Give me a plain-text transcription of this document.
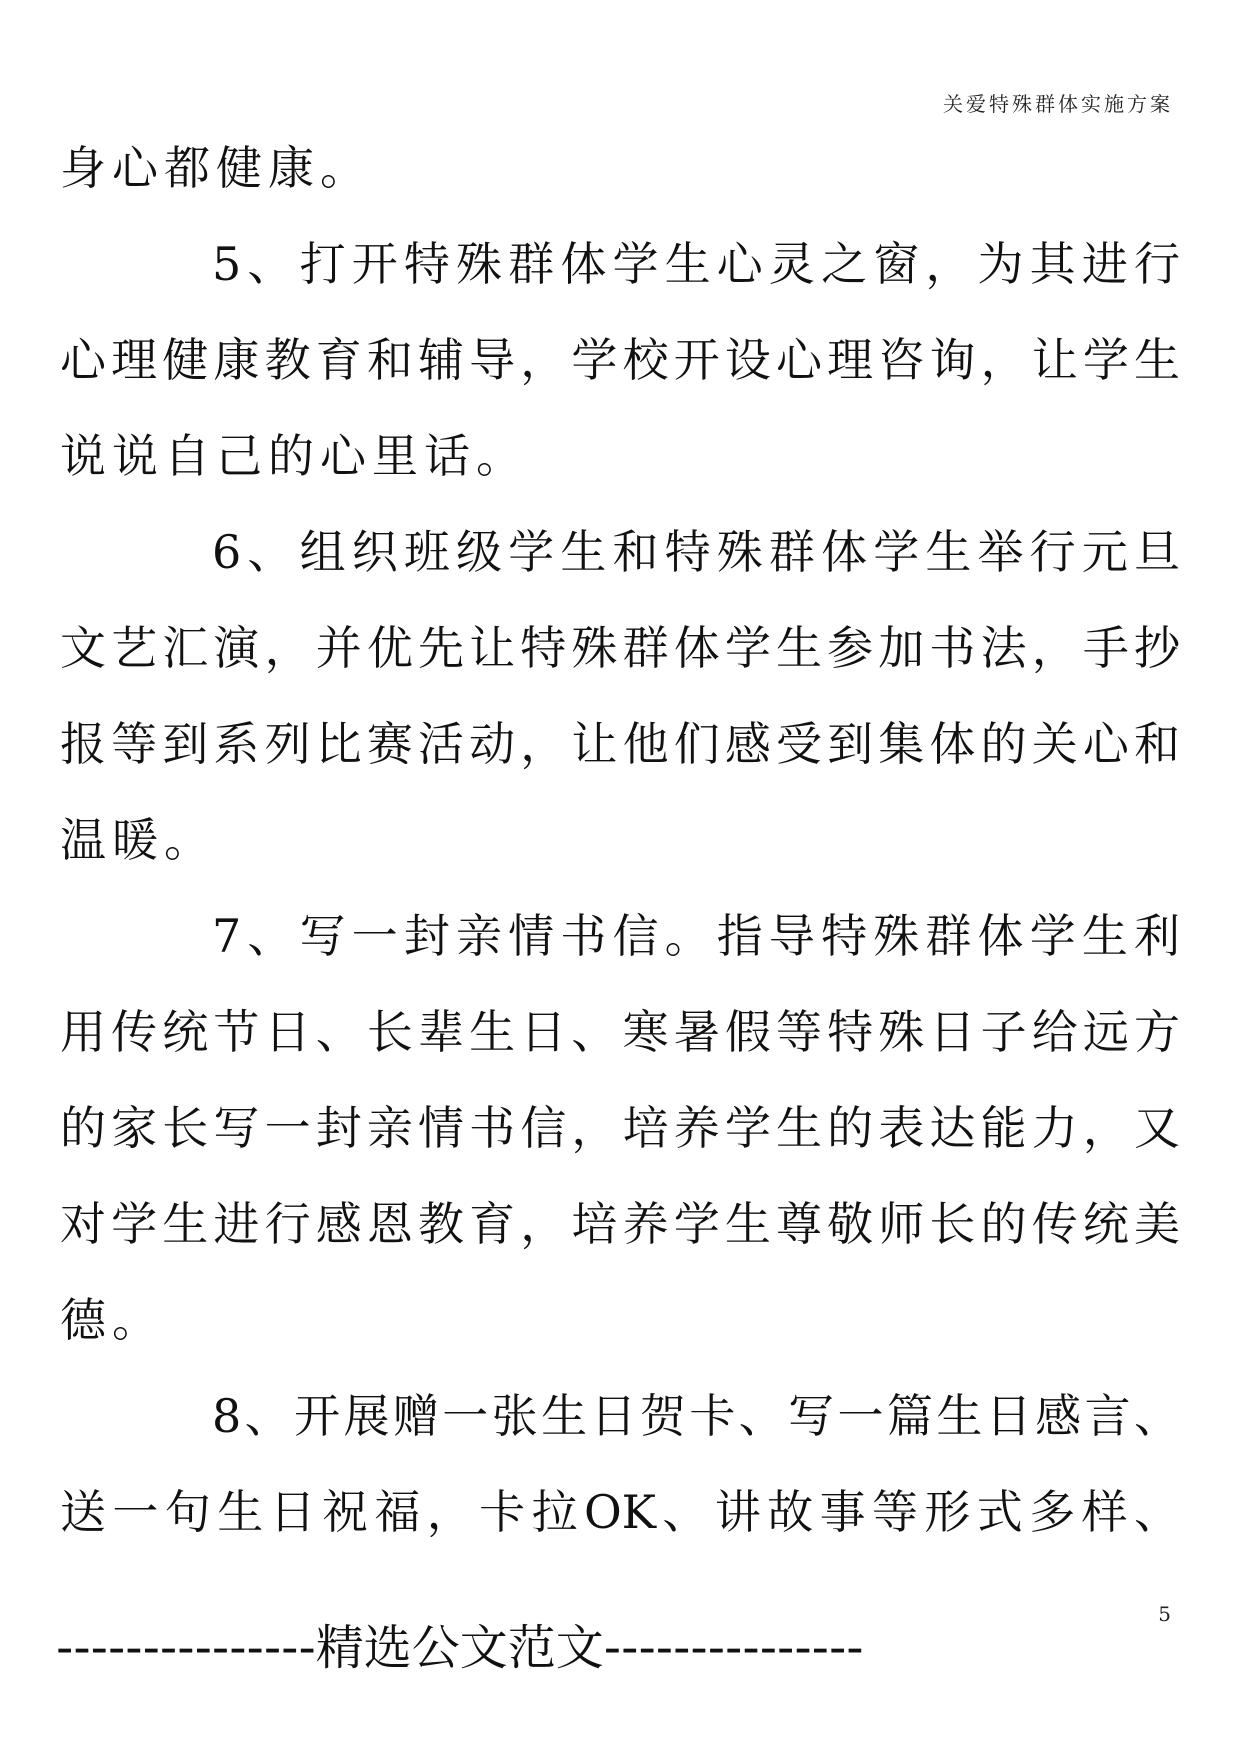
关爱特殊群体实施方案
身心都健康。
5、打开特殊群体学生心灵之窗，为其进行
心理健康教育和辅导，学校开设心理咨询，让学生
说说自己的心里话。
6、组织班级学生和特殊群体学生举行元旦
文艺汇演，并优先让特殊群体学生参加书法，手抄
报等到系列比赛活动，让他们感受到集体的关心和
温暖。
7、写一封亲情书信。指导特殊群体学生利
用传统节日、长辈生日、寒暑假等特殊日子给远方
的家长写一封亲情书信，培养学生的表达能力，又
对学生进行感恩教育，培养学生尊敬师长的传统美
德。
8、开展赠一张生日贺卡、写一篇生日感言、
送一句生日祝福，卡拉OK、讲故事等形式多样、
5
---------------精选公文范文---------------
